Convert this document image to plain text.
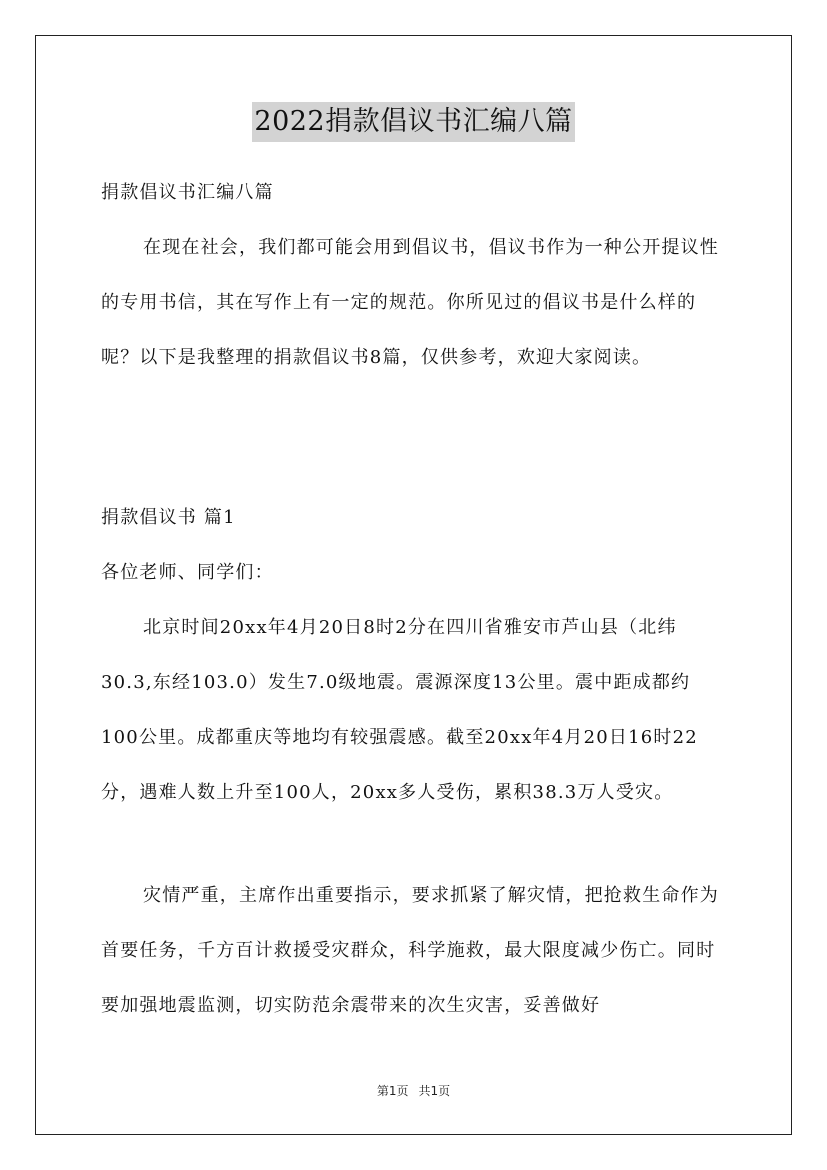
2022捐款倡议书汇编八篇
捐款倡议书汇编八篇

在现在社会，我们都可能会用到倡议书，倡议书作为一种公开提议性的专用书信，其在写作上有一定的规范。你所见过的倡议书是什么样的呢？以下是我整理的捐款倡议书8篇，仅供参考，欢迎大家阅读。

捐款倡议书 篇1
各位老师、同学们：

北京时间20xx年4月20日8时2分在四川省雅安市芦山县（北纬30.3,东经103.0）发生7.0级地震。震源深度13公里。震中距成都约100公里。成都重庆等地均有较强震感。截至20xx年4月20日16时22分，遇难人数上升至100人，20xx多人受伤，累积38.3万人受灾。

灾情严重，主席作出重要指示，要求抓紧了解灾情，把抢救生命作为首要任务，千方百计救援受灾群众，科学施救，最大限度减少伤亡。同时要加强地震监测，切实防范余震带来的次生灾害，妥善做好

第1页 共1页
